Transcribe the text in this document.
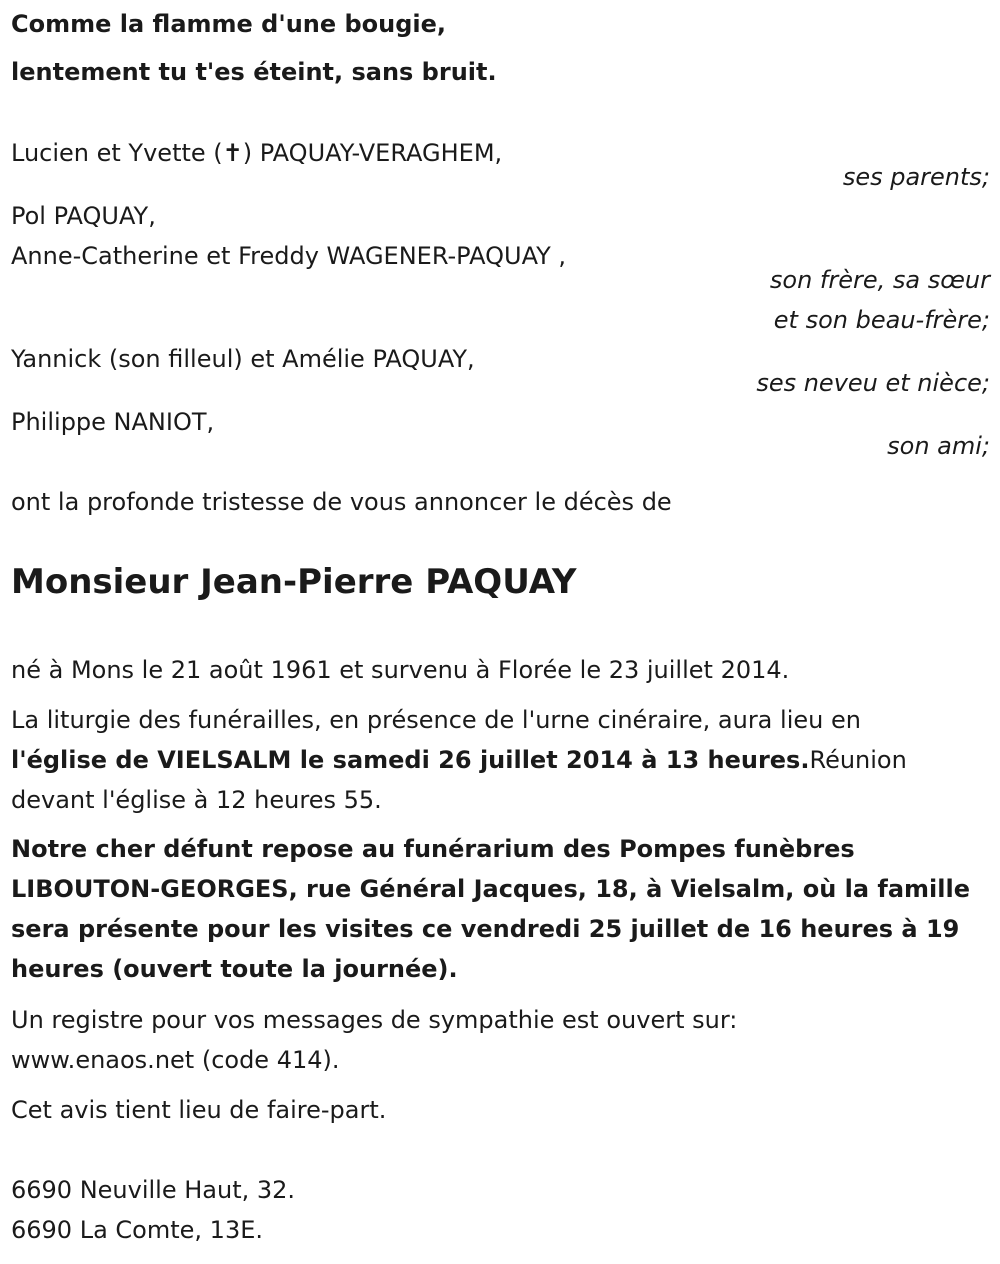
Comme la flamme d'une bougie,

lentement tu t'es éteint, sans bruit.

Lucien et Yvette (✝) PAQUAY-VERAGHEM,

ses parents;

Pol PAQUAY,

Anne-Catherine et Freddy WAGENER-PAQUAY ,

son frère, sa sœur

et son beau-frère;

Yannick (son filleul) et Amélie PAQUAY,

ses neveu et nièce;

Philippe NANIOT,

son ami;

ont la profonde tristesse de vous annoncer le décès de

Monsieur Jean-Pierre PAQUAY

né à Mons le 21 août 1961 et survenu à Florée le 23 juillet 2014.

La liturgie des funérailles, en présence de l'urne cinéraire, aura lieu en

l'église de VIELSALM le samedi 26 juillet 2014 à 13 heures.Réunion

devant l'église à 12 heures 55.

Notre cher défunt repose au funérarium des Pompes funèbres

LIBOUTON-GEORGES, rue Général Jacques, 18, à Vielsalm, où la famille

sera présente pour les visites ce vendredi 25 juillet de 16 heures à 19

heures (ouvert toute la journée).

Un registre pour vos messages de sympathie est ouvert sur:

www.enaos.net (code 414).

Cet avis tient lieu de faire-part.

6690 Neuville Haut, 32.

6690 La Comte, 13E.
